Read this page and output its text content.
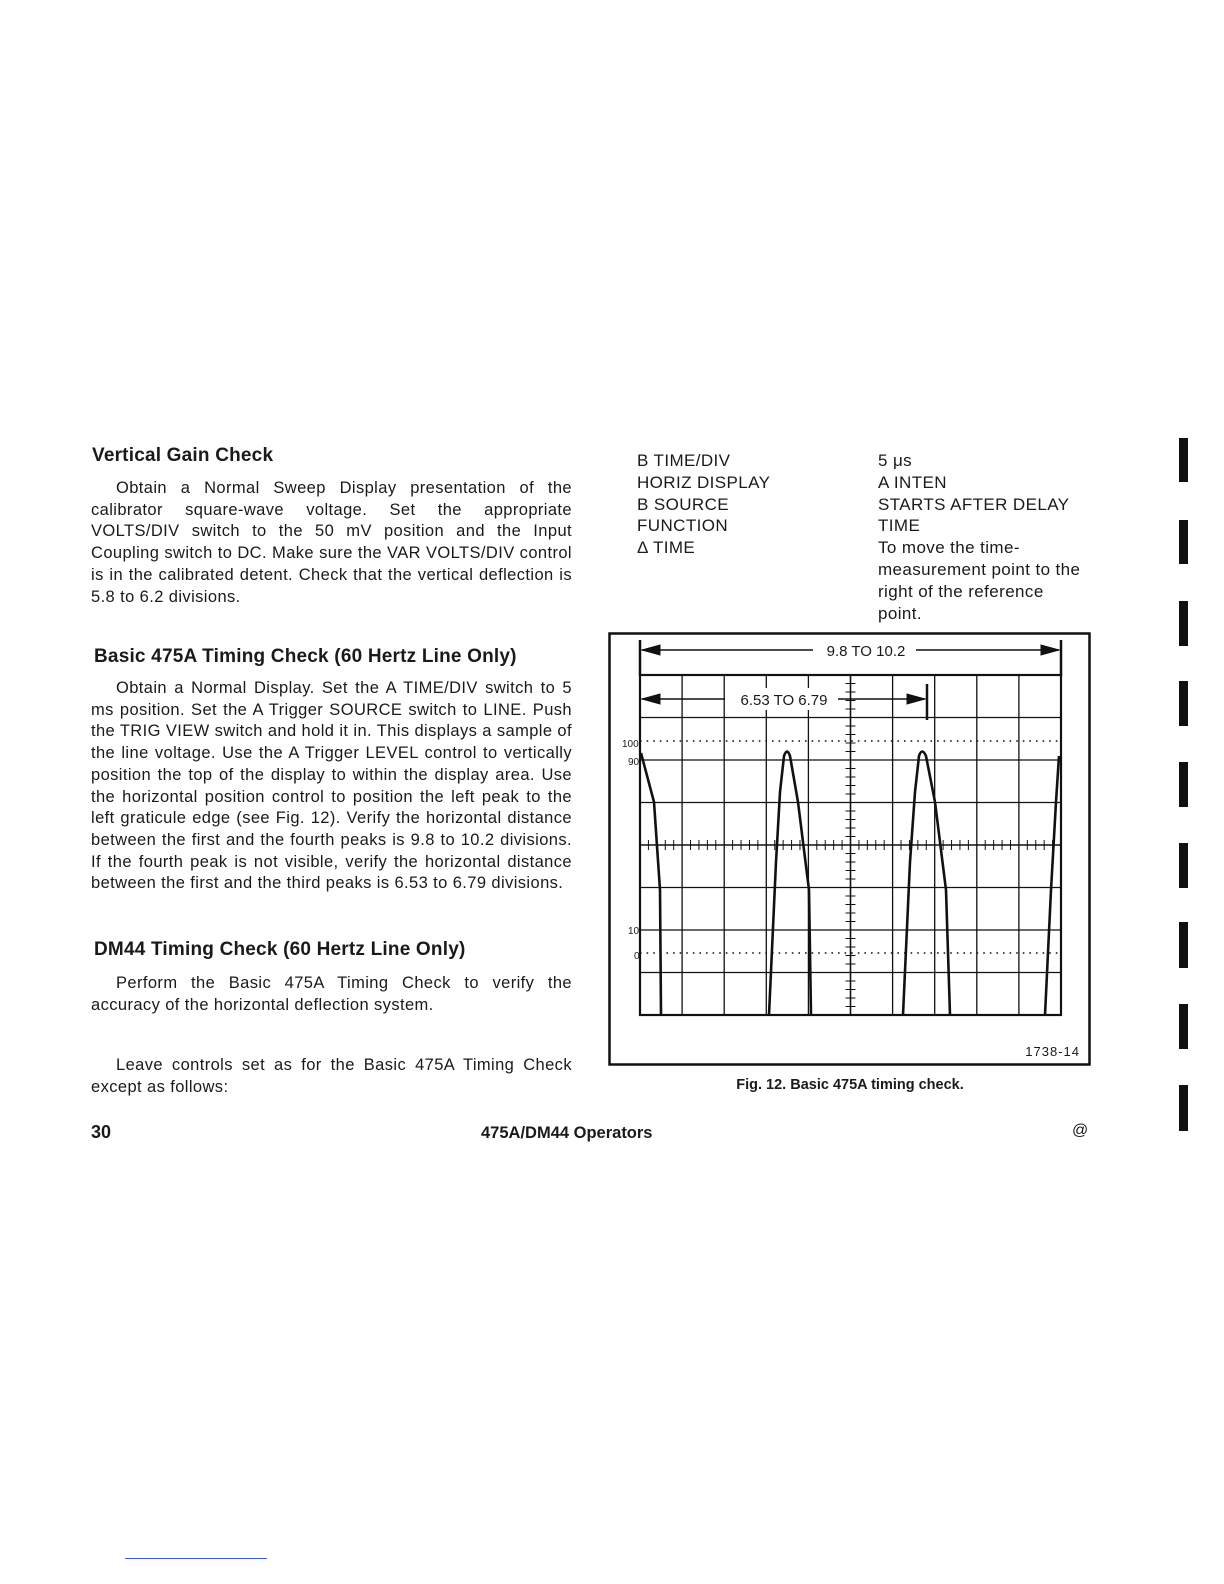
Vertical Gain Check

Obtain a Normal Sweep Display presentation of the calibrator square-wave voltage. Set the appropriate VOLTS/DIV switch to the 50 mV position and the Input Coupling switch to DC. Make sure the VAR VOLTS/DIV control is in the calibrated detent. Check that the vertical deflection is 5.8 to 6.2 divisions.

Basic 475A Timing Check (60 Hertz Line Only)

Obtain a Normal Display. Set the A TIME/DIV switch to 5 ms position. Set the A Trigger SOURCE switch to LINE. Push the TRIG VIEW switch and hold it in. This displays a sample of the line voltage. Use the A Trigger LEVEL control to vertically position the top of the display to within the display area. Use the horizontal position control to position the left peak to the left graticule edge (see Fig. 12). Verify the horizontal distance between the first and the fourth peaks is 9.8 to 10.2 divisions. If the fourth peak is not visible, verify the horizontal distance between the first and the third peaks is 6.53 to 6.79 divisions.

DM44 Timing Check (60 Hertz Line Only)

Perform the Basic 475A Timing Check to verify the accuracy of the horizontal deflection system.

Leave controls set as for the Basic 475A Timing Check except as follows:

B TIME/DIV
HORIZ DISPLAY
B SOURCE
FUNCTION
Δ TIME
5 μs
A INTEN
STARTS AFTER DELAY
TIME
To move the time-
measurement point to the
right of the reference
point.
9.8 TO 10.2
6.53 TO 6.79
100
90
10
0
1738-14
Fig. 12. Basic 475A timing check.
30	475A/DM44 Operators	@
